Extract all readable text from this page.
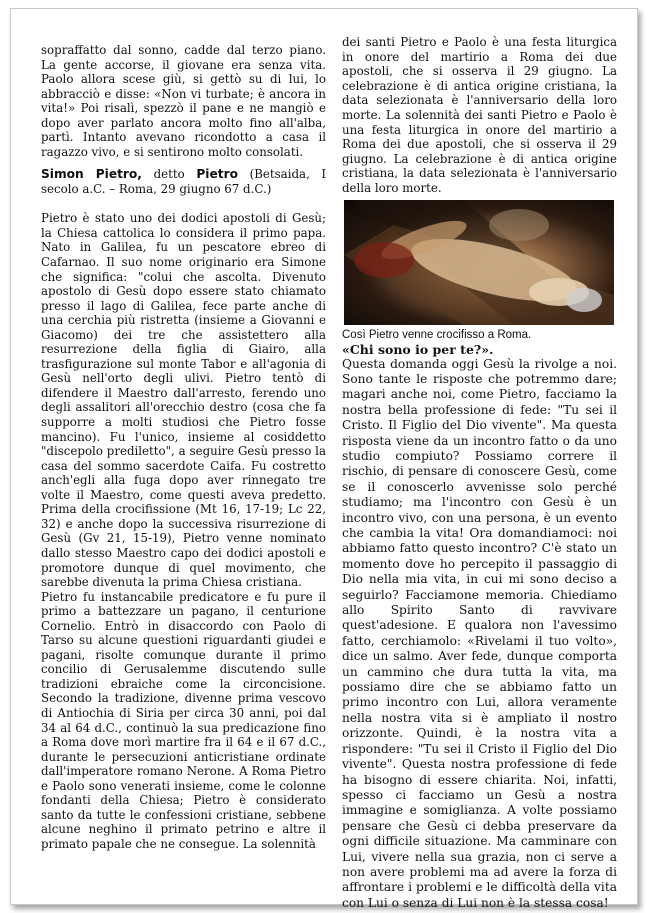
sopraffatto dal sonno, cadde dal terzo piano. La gente accorse, il giovane era senza vita. Paolo allora scese giù, si gettò su di lui, lo abbracciò e disse: «Non vi turbate; è ancora in vita!» Poi risalì, spezzò il pane e ne mangiò e dopo aver parlato ancora molto fino all'alba, partì. Intanto avevano ricondotto a casa il ragazzo vivo, e si sentirono molto consolati.

Simon Pietro, detto Pietro (Betsaida, I secolo a.C. – Roma, 29 giugno 67 d.C.)

Pietro è stato uno dei dodici apostoli di Gesù; la Chiesa cattolica lo considera il primo papa. Nato in Galilea, fu un pescatore ebreo di Cafarnao. Il suo nome originario era Simone che significa: "colui che ascolta. Divenuto apostolo di Gesù dopo essere stato chiamato presso il lago di Galilea, fece parte anche di una cerchia più ristretta (insieme a Giovanni e Giacomo) dei tre che assistettero alla resurrezione della figlia di Giairo, alla trasfigurazione sul monte Tabor e all'agonia di Gesù nell'orto degli ulivi. Pietro tentò di difendere il Maestro dall'arresto, ferendo uno degli assalitori all'orecchio destro (cosa che fa supporre a molti studiosi che Pietro fosse mancino). Fu l'unico, insieme al cosiddetto "discepolo prediletto", a seguire Gesù presso la casa del sommo sacerdote Caifa. Fu costretto anch'egli alla fuga dopo aver rinnegato tre volte il Maestro, come questi aveva predetto. Prima della crocifissione (Mt 16, 17-19; Lc 22, 32) e anche dopo la successiva risurrezione di Gesù (Gv 21, 15-19), Pietro venne nominato dallo stesso Maestro capo dei dodici apostoli e promotore dunque di quel movimento, che sarebbe divenuta la prima Chiesa cristiana.

Pietro fu instancabile predicatore e fu pure il primo a battezzare un pagano, il centurione Cornelio. Entrò in disaccordo con Paolo di Tarso su alcune questioni riguardanti giudei e pagani, risolte comunque durante il primo concilio di Gerusalemme discutendo sulle tradizioni ebraiche come la circoncisione. Secondo la tradizione, divenne prima vescovo di Antiochia di Siria per circa 30 anni, poi dal 34 al 64 d.C., continuò la sua predicazione fino a Roma dove morì martire fra il 64 e il 67 d.C., durante le persecuzioni anticristiane ordinate dall'imperatore romano Nerone. A Roma Pietro e Paolo sono venerati insieme, come le colonne fondanti della Chiesa; Pietro è considerato santo da tutte le confessioni cristiane, sebbene alcune neghino il primato petrino e altre il primato papale che ne consegue. La solennità

dei santi Pietro e Paolo è una festa liturgica in onore del martirio a Roma dei due apostoli, che si osserva il 29 giugno. La celebrazione è di antica origine cristiana, la data selezionata è l'anniversario della loro morte. La solennità dei santi Pietro e Paolo è una festa liturgica in onore del martirio a Roma dei due apostoli, che si osserva il 29 giugno. La celebrazione è di antica origine cristiana, la data selezionata è l'anniversario della loro morte.

Così Pietro venne crocifisso a Roma.

«Chi sono io per te?».

Questa domanda oggi Gesù la rivolge a noi. Sono tante le risposte che potremmo dare; magari anche noi, come Pietro, facciamo la nostra bella professione di fede: "Tu sei il Cristo. Il Figlio del Dio vivente". Ma questa risposta viene da un incontro fatto o da uno studio compiuto? Possiamo correre il rischio, di pensare di conoscere Gesù, come se il conoscerlo avvenisse solo perché studiamo; ma l'incontro con Gesù è un incontro vivo, con una persona, è un evento che cambia la vita! Ora domandiamoci: noi abbiamo fatto questo incontro? C'è stato un momento dove ho percepito il passaggio di Dio nella mia vita, in cui mi sono deciso a seguirlo? Facciamone memoria. Chiediamo allo Spirito Santo di ravvivare quest'adesione. E qualora non l'avessimo fatto, cerchiamolo: «Rivelami il tuo volto», dice un salmo. Aver fede, dunque comporta un cammino che dura tutta la vita, ma possiamo dire che se abbiamo fatto un primo incontro con Lui, allora veramente nella nostra vita si è ampliato il nostro orizzonte. Quindi, è la nostra vita a rispondere: "Tu sei il Cristo il Figlio del Dio vivente". Questa nostra professione di fede ha bisogno di essere chiarita. Noi, infatti, spesso ci facciamo un Gesù a nostra immagine e somiglianza. A volte possiamo pensare che Gesù ci debba preservare da ogni difficile situazione. Ma camminare con Lui, vivere nella sua grazia, non ci serve a non avere problemi ma ad avere la forza di affrontare i problemi e le difficoltà della vita con Lui o senza di Lui non è la stessa cosa!
